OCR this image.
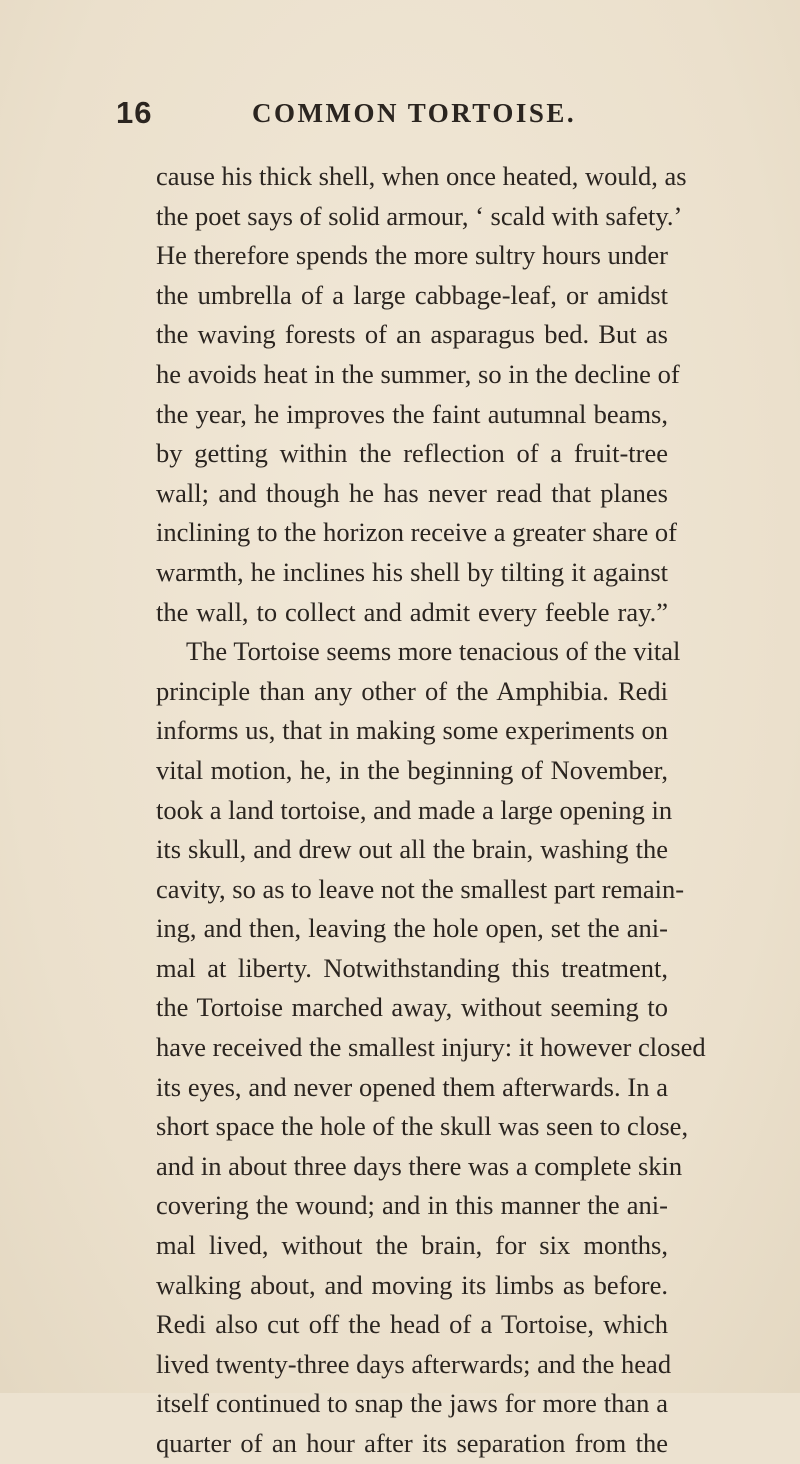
16	COMMON TORTOISE.
cause his thick shell, when once heated, would, as
the poet says of solid armour, ‘ scald with safety.’
He therefore spends the more sultry hours under
the umbrella of a large cabbage-leaf, or amidst
the waving forests of an asparagus bed. But as
he avoids heat in the summer, so in the decline of
the year, he improves the faint autumnal beams,
by getting within the reflection of a fruit-tree
wall; and though he has never read that planes
inclining to the horizon receive a greater share of
warmth, he inclines his shell by tilting it against
the wall, to collect and admit every feeble ray.”
The Tortoise seems more tenacious of the vital
principle than any other of the Amphibia. Redi
informs us, that in making some experiments on
vital motion, he, in the beginning of November,
took a land tortoise, and made a large opening in
its skull, and drew out all the brain, washing the
cavity, so as to leave not the smallest part remain-
ing, and then, leaving the hole open, set the ani-
mal at liberty. Notwithstanding this treatment,
the Tortoise marched away, without seeming to
have received the smallest injury: it however closed
its eyes, and never opened them afterwards. In a
short space the hole of the skull was seen to close,
and in about three days there was a complete skin
covering the wound; and in this manner the ani-
mal lived, without the brain, for six months,
walking about, and moving its limbs as before.
Redi also cut off the head of a Tortoise, which
lived twenty-three days afterwards; and the head
itself continued to snap the jaws for more than a
quarter of an hour after its separation from the
